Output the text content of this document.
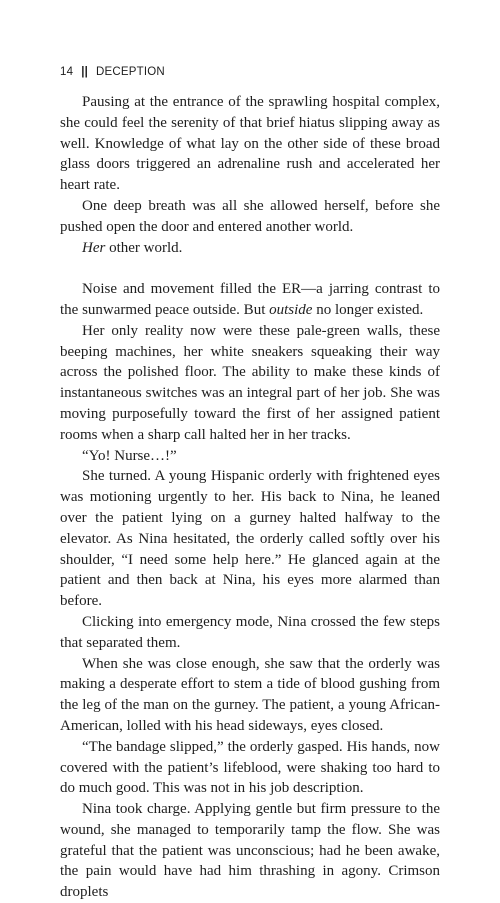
14 || DECEPTION

Pausing at the entrance of the sprawling hospital complex, she could feel the serenity of that brief hiatus slipping away as well. Knowledge of what lay on the other side of these broad glass doors triggered an adrenaline rush and accelerated her heart rate.

One deep breath was all she allowed herself, before she pushed open the door and entered another world.

Her other world.

Noise and movement filled the ER—a jarring contrast to the sunwarmed peace outside. But outside no longer existed.

Her only reality now were these pale-green walls, these beeping machines, her white sneakers squeaking their way across the polished floor. The ability to make these kinds of instantaneous switches was an integral part of her job. She was moving purposefully toward the first of her assigned patient rooms when a sharp call halted her in her tracks.

“Yo! Nurse…!”

She turned. A young Hispanic orderly with frightened eyes was motioning urgently to her. His back to Nina, he leaned over the patient lying on a gurney halted halfway to the elevator. As Nina hesitated, the orderly called softly over his shoulder, “I need some help here.” He glanced again at the patient and then back at Nina, his eyes more alarmed than before.

Clicking into emergency mode, Nina crossed the few steps that separated them.

When she was close enough, she saw that the orderly was making a desperate effort to stem a tide of blood gushing from the leg of the man on the gurney. The patient, a young African-American, lolled with his head sideways, eyes closed.

“The bandage slipped,” the orderly gasped. His hands, now covered with the patient’s lifeblood, were shaking too hard to do much good. This was not in his job description.

Nina took charge. Applying gentle but firm pressure to the wound, she managed to temporarily tamp the flow. She was grateful that the patient was unconscious; had he been awake, the pain would have had him thrashing in agony. Crimson droplets
